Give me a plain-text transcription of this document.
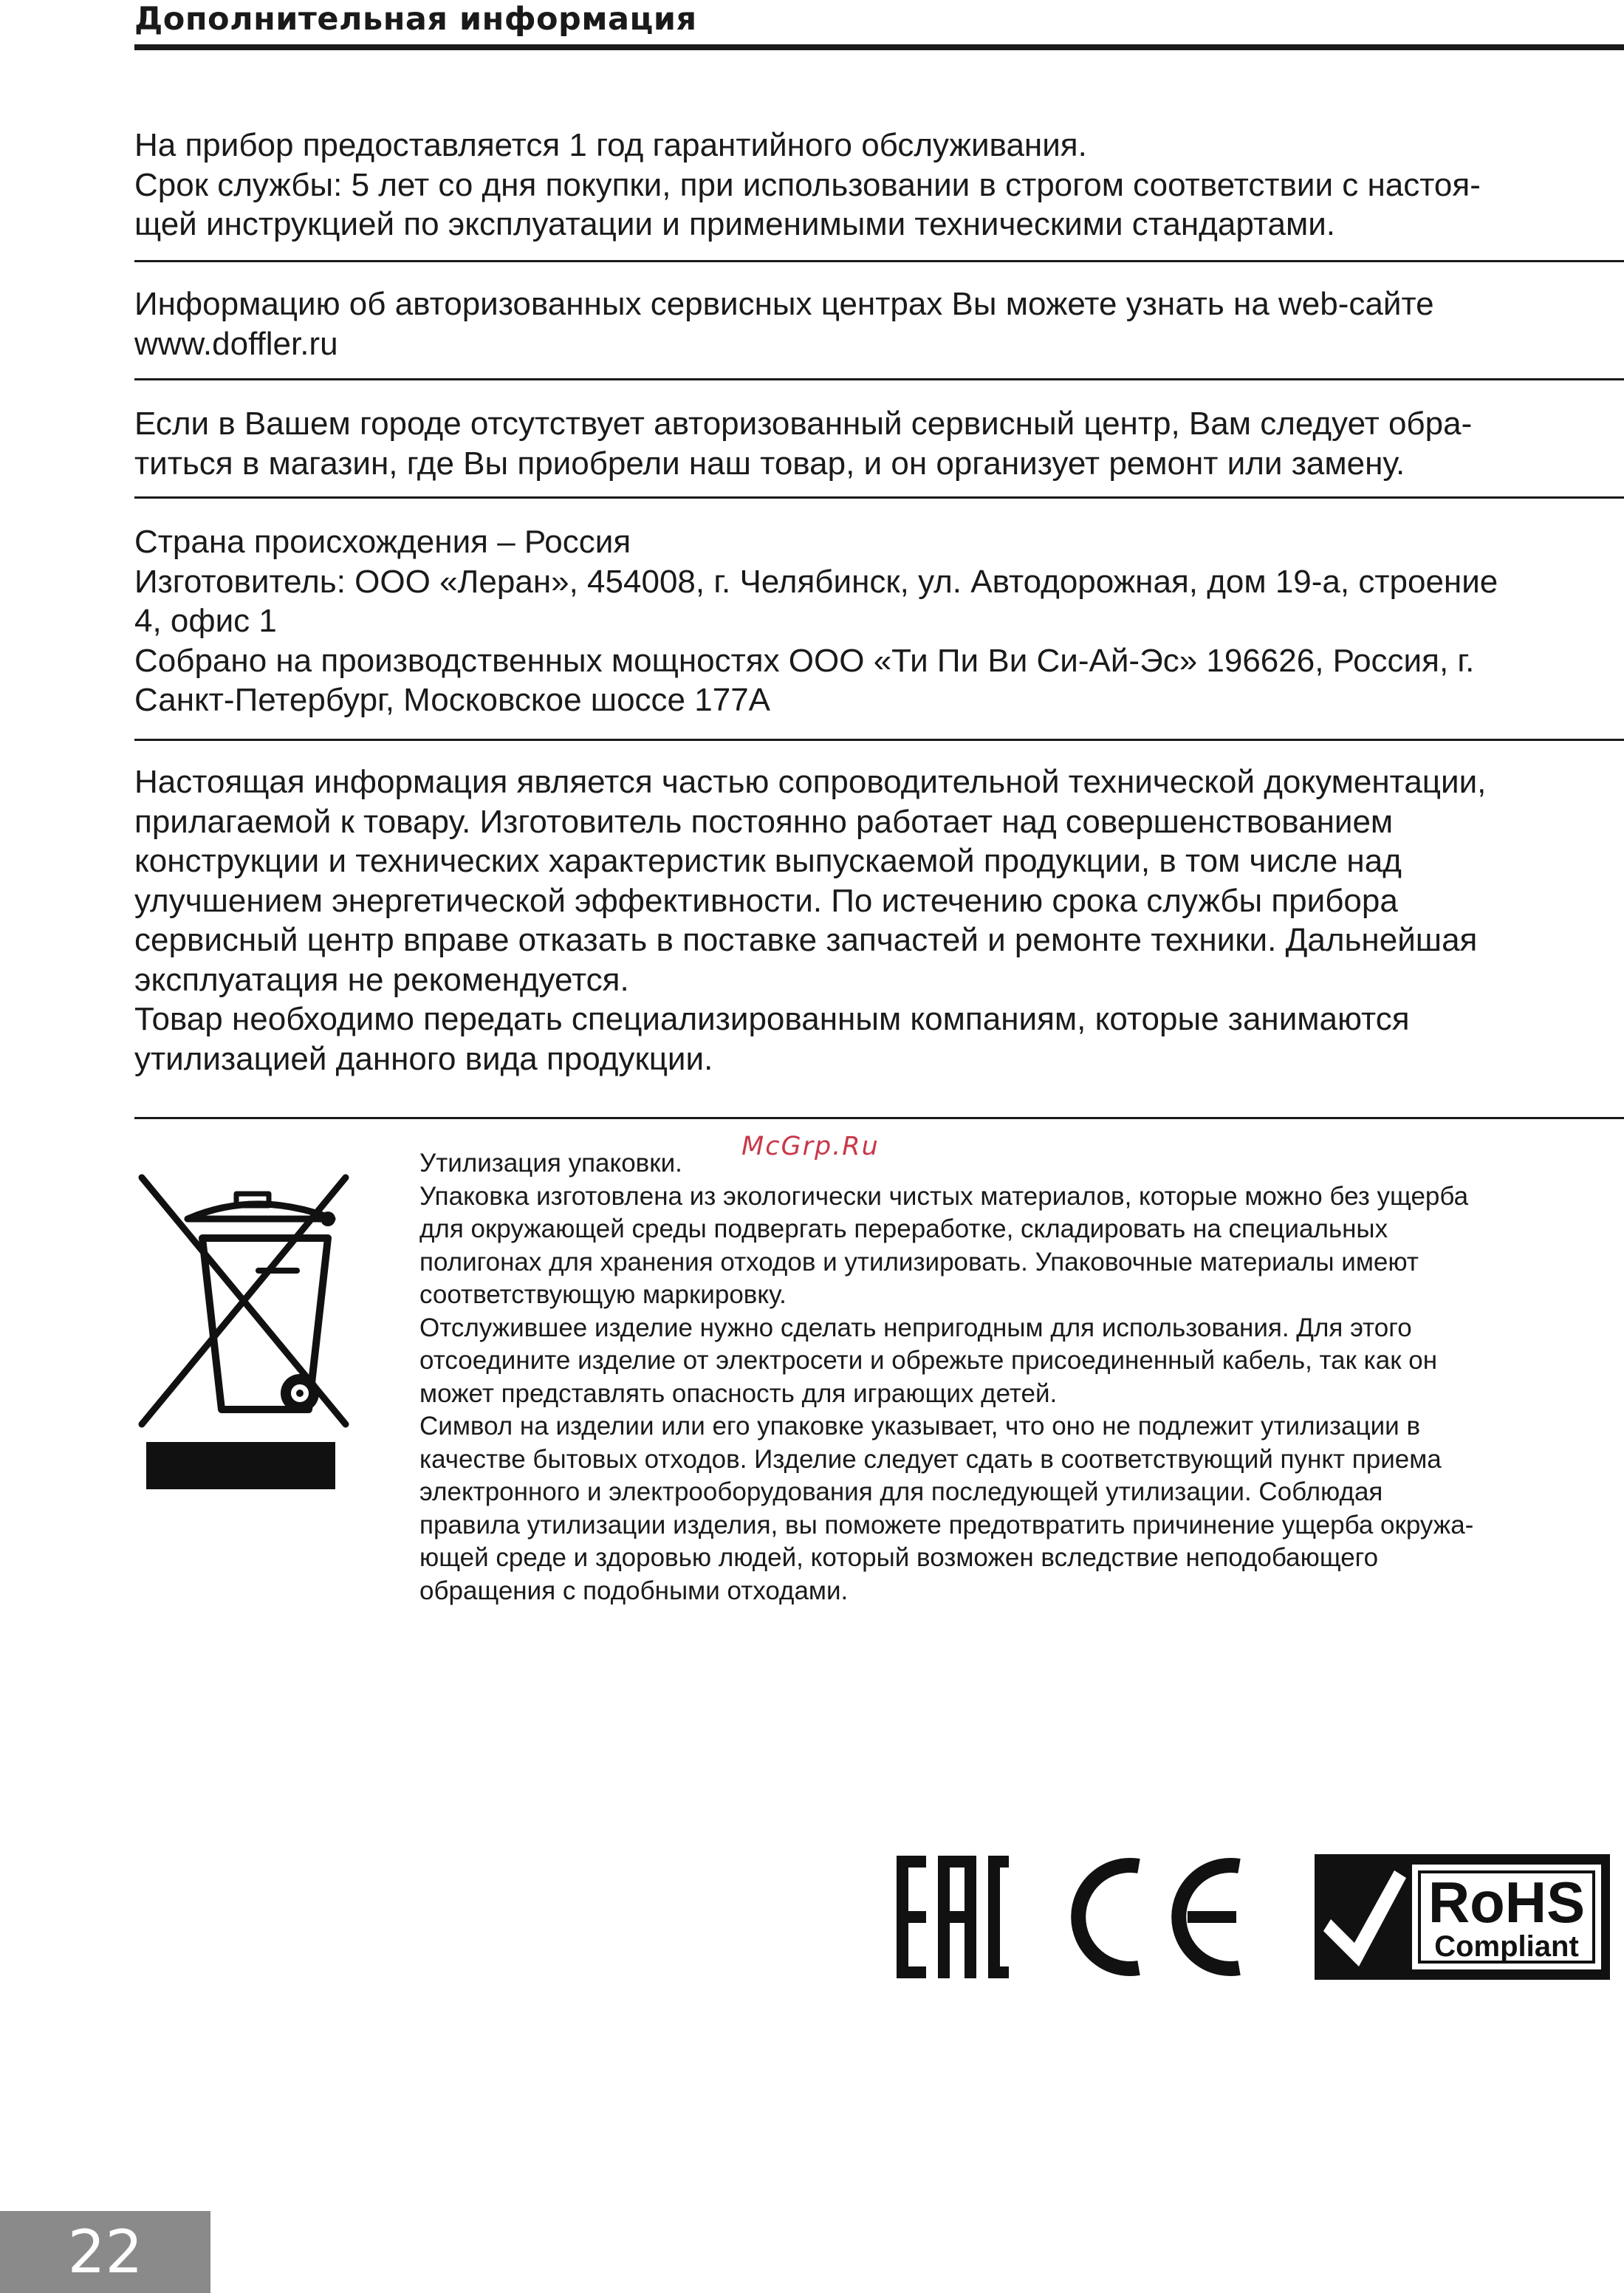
Дополнительная информация
На прибор предоставляется 1 год гарантийного обслуживания.
Срок службы: 5 лет со дня покупки, при использовании в строгом соответствии с настоя-
щей инструкцией по эксплуатации и применимыми техническими стандартами.
Информацию об авторизованных сервисных центрах Вы можете узнать на web-сайте
www.doffler.ru
Если в Вашем городе отсутствует авторизованный сервисный центр, Вам следует обра-
титься в магазин, где Вы приобрели наш товар, и он организует ремонт или замену.
Страна происхождения – Россия
Изготовитель: ООО «Леран», 454008, г. Челябинск, ул. Автодорожная, дом 19-а, строение
4, офис 1
Собрано на производственных мощностях ООО «Ти Пи Ви Си-Ай-Эс» 196626, Россия, г.
Санкт-Петербург, Московское шоссе 177А
Настоящая информация является частью сопроводительной технической документации,
прилагаемой к товару. Изготовитель постоянно работает над совершенствованием
конструкции и технических характеристик выпускаемой продукции, в том числе над
улучшением энергетической эффективности. По истечению срока службы прибора
сервисный центр вправе отказать в поставке запчастей и ремонте техники. Дальнейшая
эксплуатация не рекомендуется.
Товар необходимо передать специализированным компаниям, которые занимаются
утилизацией данного вида продукции.
McGrp.Ru
Утилизация упаковки.
Упаковка изготовлена из экологически чистых материалов, которые можно без ущерба
для окружающей среды подвергать переработке, складировать на специальных
полигонах для хранения отходов и утилизировать. Упаковочные материалы имеют
соответствующую маркировку.
Отслужившее изделие нужно сделать непригодным для использования. Для этого
отсоедините изделие от электросети и обрежьте присоединенный кабель, так как он
может представлять опасность для играющих детей.
Символ на изделии или его упаковке указывает, что оно не подлежит утилизации в
качестве бытовых отходов. Изделие следует сдать в соответствующий пункт приема
электронного и электрооборудования для последующей утилизации. Соблюдая
правила утилизации изделия, вы поможете предотвратить причинение ущерба окружа-
ющей среде и здоровью людей, который возможен вследствие неподобающего
обращения с подобными отходами.
RoHS
Compliant
22
